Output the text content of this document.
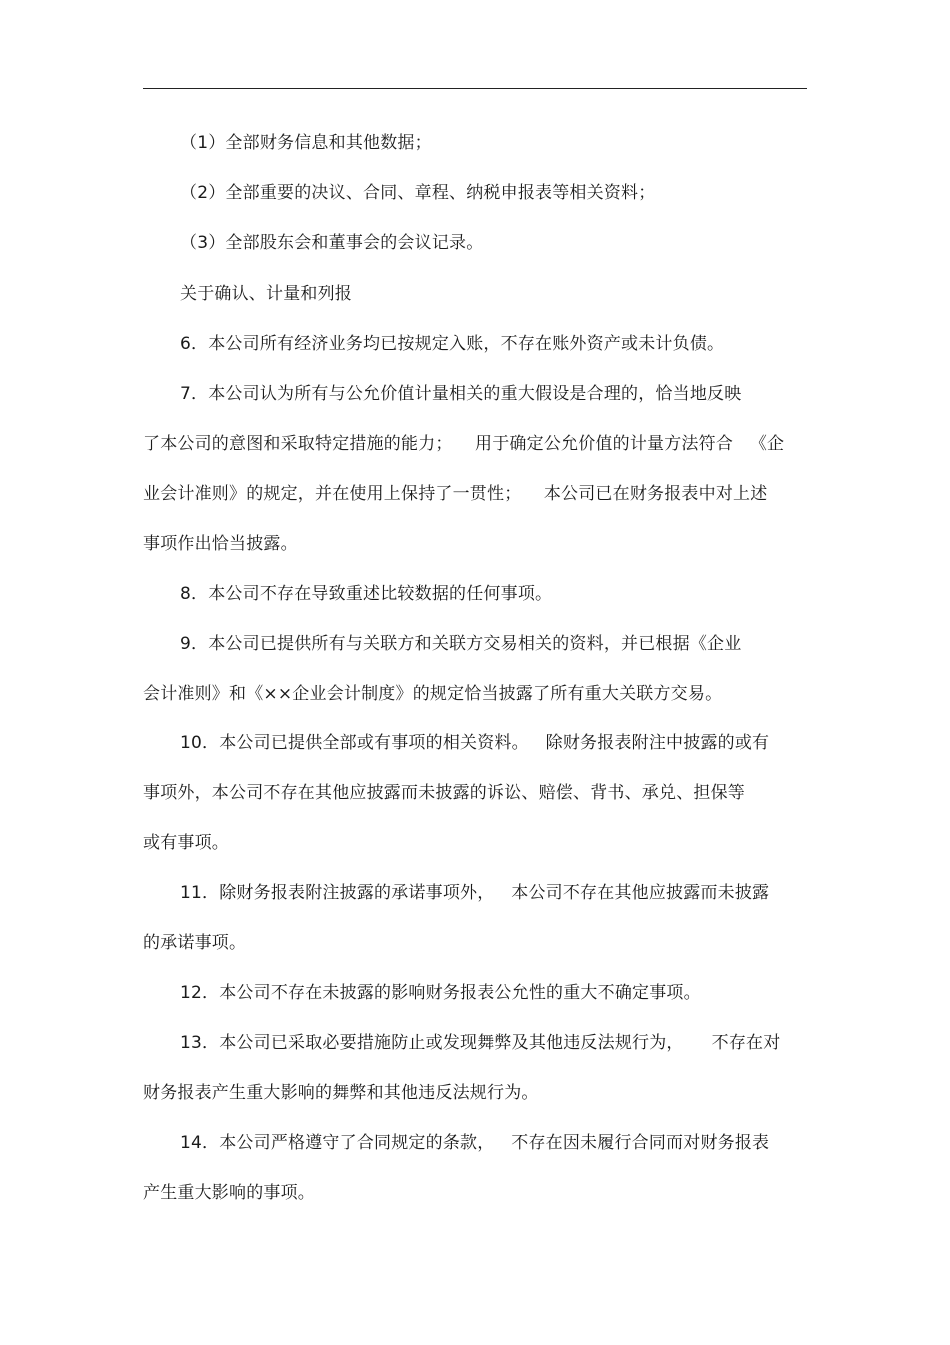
（1）全部财务信息和其他数据；
（2）全部重要的决议、合同、章程、纳税申报表等相关资料；
（3）全部股东会和董事会的会议记录。
关于确认、计量和列报
6．本公司所有经济业务均已按规定入账，不存在账外资产或未计负债。
7．本公司认为所有与公允价值计量相关的重大假设是合理的，恰当地反映
了本公司的意图和采取特定措施的能力；    用于确定公允价值的计量方法符合   《企
业会计准则》的规定，并在使用上保持了一贯性；    本公司已在财务报表中对上述
事项作出恰当披露。
8．本公司不存在导致重述比较数据的任何事项。
9．本公司已提供所有与关联方和关联方交易相关的资料，并已根据《企业
会计准则》和《××企业会计制度》的规定恰当披露了所有重大关联方交易。
10．本公司已提供全部或有事项的相关资料。   除财务报表附注中披露的或有
事项外，本公司不存在其他应披露而未披露的诉讼、赔偿、背书、承兑、担保等
或有事项。
11．除财务报表附注披露的承诺事项外，   本公司不存在其他应披露而未披露
的承诺事项。
12．本公司不存在未披露的影响财务报表公允性的重大不确定事项。
13．本公司已采取必要措施防止或发现舞弊及其他违反法规行为，     不存在对
财务报表产生重大影响的舞弊和其他违反法规行为。
14．本公司严格遵守了合同规定的条款，   不存在因未履行合同而对财务报表
产生重大影响的事项。
